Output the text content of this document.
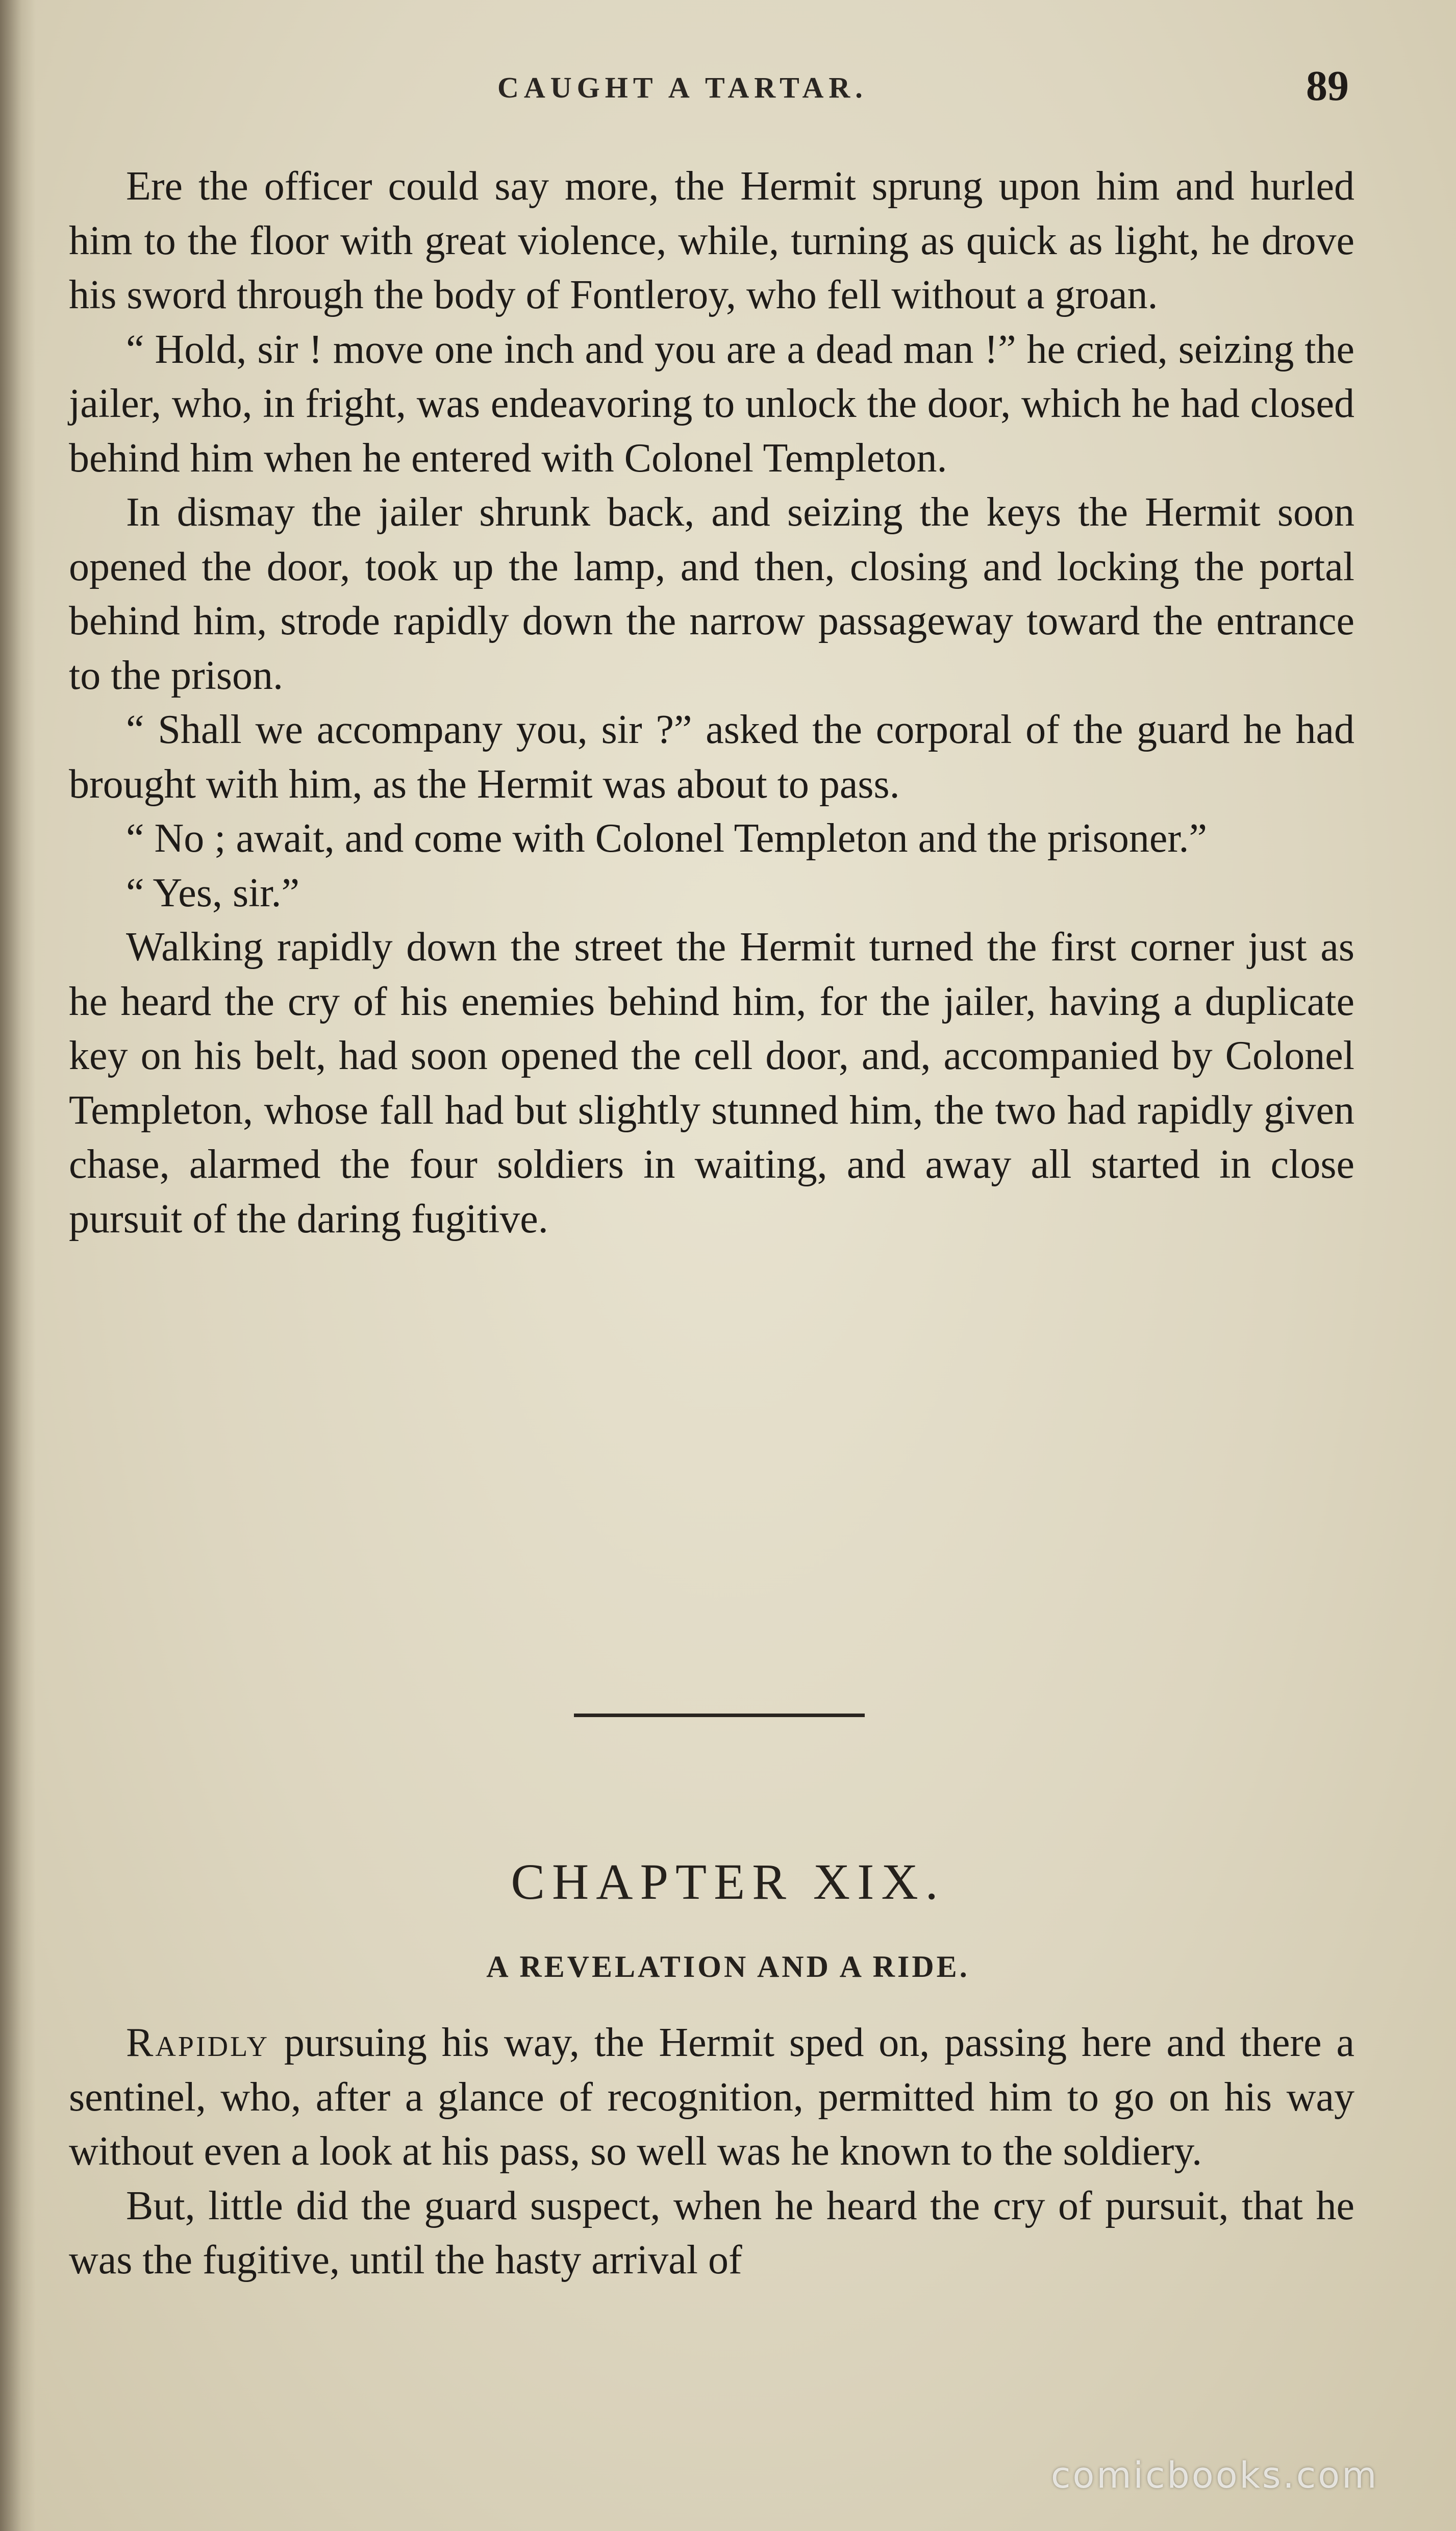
CAUGHT A TARTAR.	89

Ere the officer could say more, the Hermit sprung upon him and hurled him to the floor with great violence, while, turning as quick as light, he drove his sword through the body of Fontleroy, who fell without a groan.

“ Hold, sir ! move one inch and you are a dead man !” he cried, seizing the jailer, who, in fright, was endeavoring to unlock the door, which he had closed behind him when he entered with Colonel Templeton.

In dismay the jailer shrunk back, and seizing the keys the Hermit soon opened the door, took up the lamp, and then, closing and locking the portal behind him, strode rapidly down the narrow passageway toward the entrance to the prison.

“ Shall we accompany you, sir ?” asked the corporal of the guard he had brought with him, as the Hermit was about to pass.

“ No ; await, and come with Colonel Templeton and the prisoner.”

“ Yes, sir.”

Walking rapidly down the street the Hermit turned the first corner just as he heard the cry of his enemies behind him, for the jailer, having a duplicate key on his belt, had soon opened the cell door, and, accompanied by Colonel Templeton, whose fall had but slightly stunned him, the two had rapidly given chase, alarmed the four soldiers in waiting, and away all started in close pursuit of the daring fugitive.

CHAPTER XIX.
A REVELATION AND A RIDE.

Rapidly pursuing his way, the Hermit sped on, passing here and there a sentinel, who, after a glance of recognition, permitted him to go on his way without even a look at his pass, so well was he known to the soldiery.

But, little did the guard suspect, when he heard the cry of pursuit, that he was the fugitive, until the hasty arrival of

comicbooks.com
